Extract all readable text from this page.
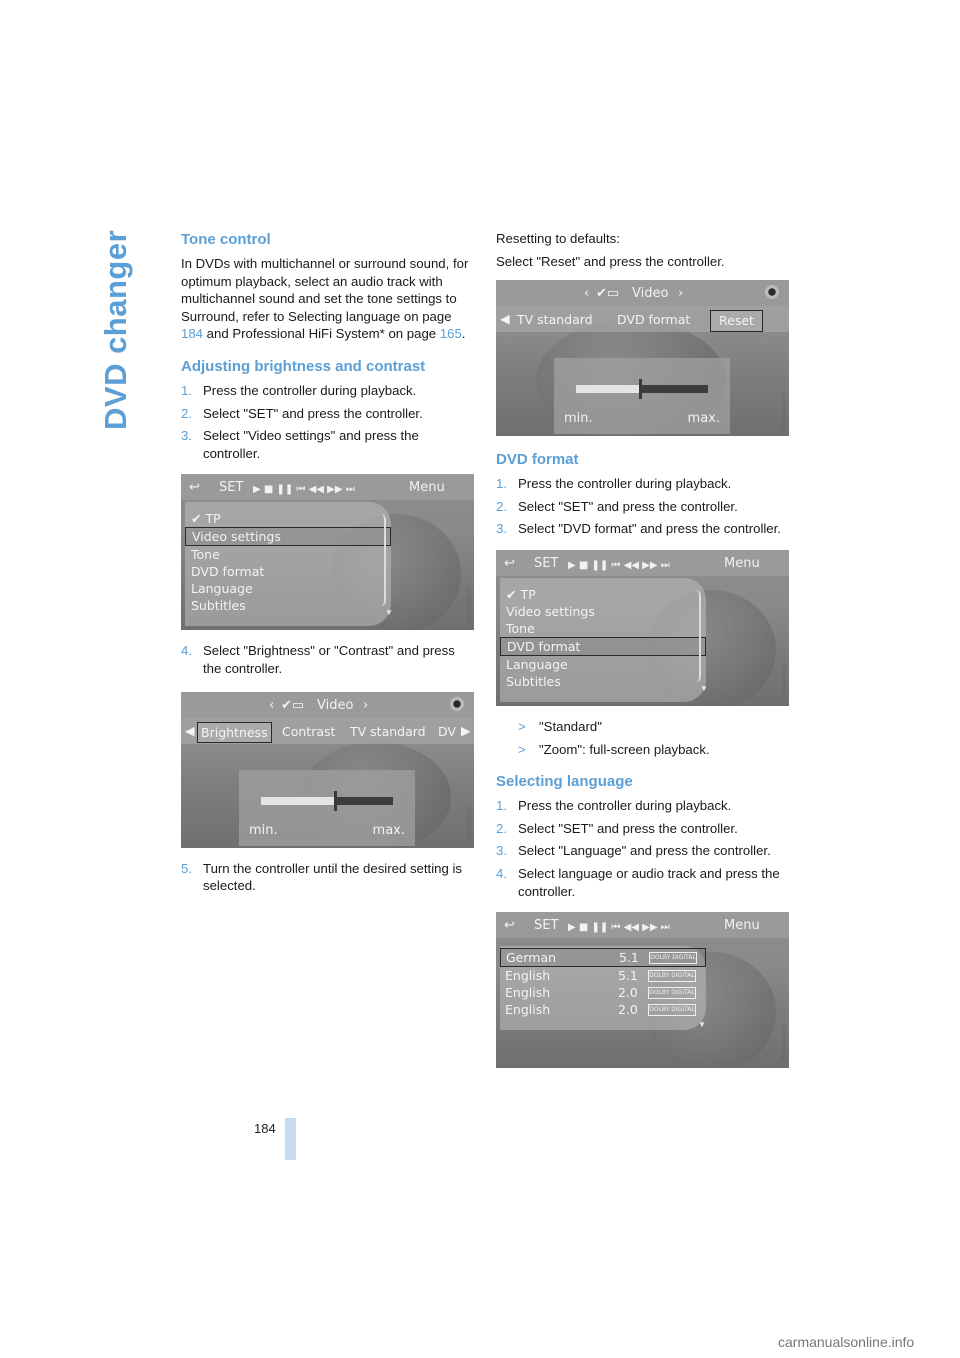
DVD changer
184
carmanualsonline.info
Tone control

In DVDs with multichannel or surround sound, for optimum playback, select an audio track with multichannel sound and set the tone settings to Surround, refer to Selecting language on page 184 and Professional HiFi System* on page 165.

Adjusting brightness and contrast
1. Press the controller during playback.
2. Select "SET" and press the controller.
3. Select "Video settings" and press the controller.
↩ SET ▶ ■ ❚❚ ⏮ ◀◀ ▶▶ ⏭	Menu
✔ TP
Video settings
Tone
DVD format
Language
Subtitles	▼	W00038ACS
4. Select "Brightness" or "Contrast" and press the controller.
‹ ✔▭ Video ›
◀ Brightness	Contrast TV standard DV ▶
min.	max.	W00039CDK
5. Turn the controller until the desired setting is selected.

Resetting to defaults:

Select "Reset" and press the controller.

‹ ✔▭ Video ›
◀ TV standard DVD format	Reset
min.	max.	W00041ACS
DVD format
1. Press the controller during playback.
2. Select "SET" and press the controller.
3. Select "DVD format" and press the controller.
↩ SET ▶ ■ ❚❚ ⏮ ◀◀ ▶▶ ⏭	Menu
✔ TP
Video settings
Tone
DVD format
Language
Subtitles	▼	W00041ACS
> "Standard"
> "Zoom": full-screen playback.
Selecting language
1. Press the controller during playback.
2. Select "SET" and press the controller.
3. Select "Language" and press the controller.
4. Select language or audio track and press the controller.
↩ SET ▶ ■ ❚❚ ⏮ ◀◀ ▶▶ ⏭	Menu
German	5.1 DOLBY DIGITAL
English	5.1 DOLBY DIGITAL
English	2.0 DOLBY DIGITAL
English	2.0 DOLBY DIGITAL
▼
W00042ACS
